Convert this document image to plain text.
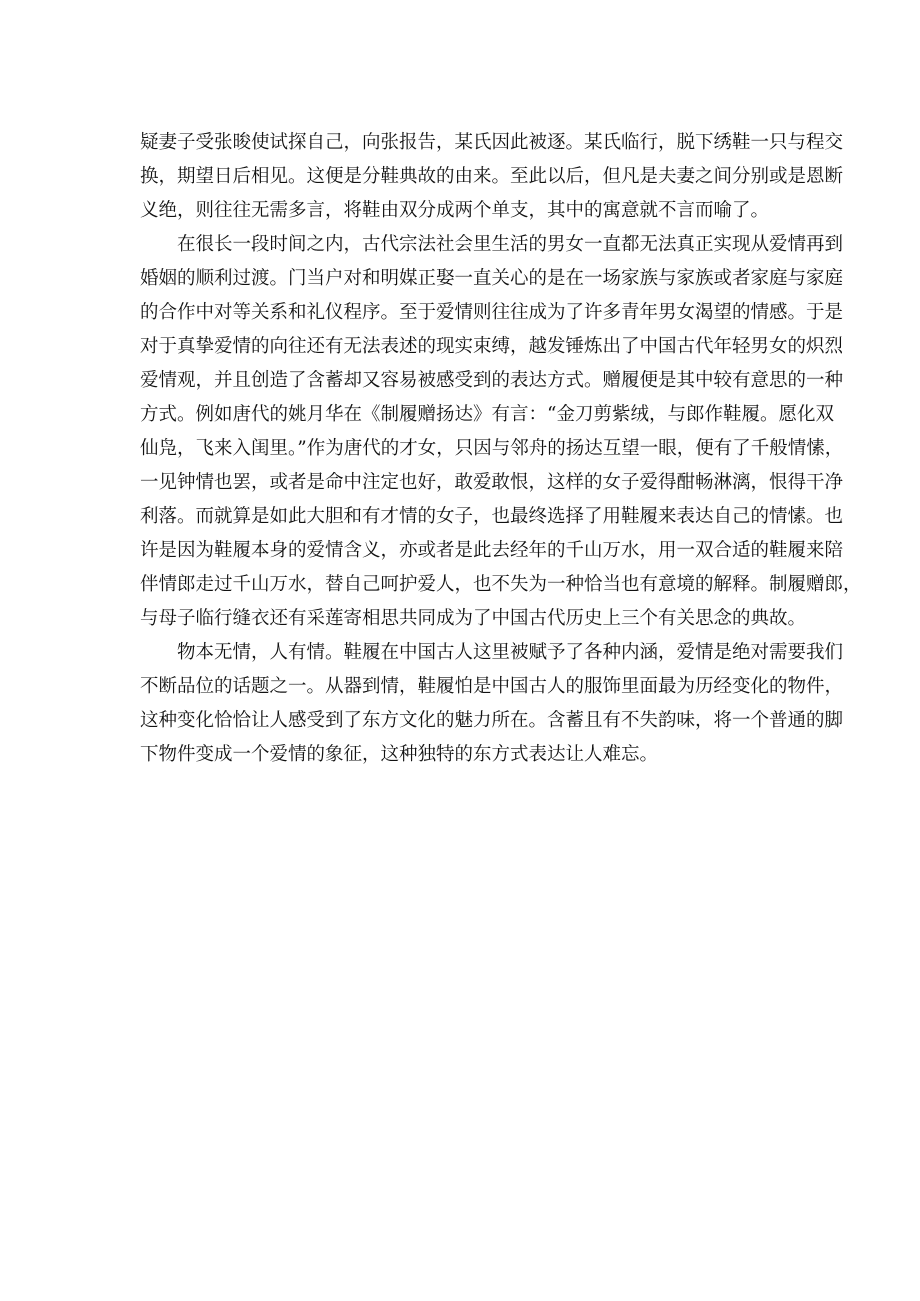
疑妻子受张晙使试探自己，向张报告，某氏因此被逐。某氏临行，脱下绣鞋一只与程交
换，期望日后相见。这便是分鞋典故的由来。至此以后，但凡是夫妻之间分别或是恩断
义绝，则往往无需多言，将鞋由双分成两个单支，其中的寓意就不言而喻了。
在很长一段时间之内，古代宗法社会里生活的男女一直都无法真正实现从爱情再到
婚姻的顺利过渡。门当户对和明媒正娶一直关心的是在一场家族与家族或者家庭与家庭
的合作中对等关系和礼仪程序。至于爱情则往往成为了许多青年男女渴望的情感。于是
对于真挚爱情的向往还有无法表述的现实束缚，越发锤炼出了中国古代年轻男女的炽烈
爱情观，并且创造了含蓄却又容易被感受到的表达方式。赠履便是其中较有意思的一种
方式。例如唐代的姚月华在《制履赠扬达》有言：“金刀剪紫绒，与郎作鞋履。愿化双
仙凫，飞来入闺里。”作为唐代的才女，只因与邻舟的扬达互望一眼，便有了千般情愫，
一见钟情也罢，或者是命中注定也好，敢爱敢恨，这样的女子爱得酣畅淋漓，恨得干净
利落。而就算是如此大胆和有才情的女子，也最终选择了用鞋履来表达自己的情愫。也
许是因为鞋履本身的爱情含义，亦或者是此去经年的千山万水，用一双合适的鞋履来陪
伴情郎走过千山万水，替自己呵护爱人，也不失为一种恰当也有意境的解释。制履赠郎，
与母子临行缝衣还有采莲寄相思共同成为了中国古代历史上三个有关思念的典故。
物本无情，人有情。鞋履在中国古人这里被赋予了各种内涵，爱情是绝对需要我们
不断品位的话题之一。从器到情，鞋履怕是中国古人的服饰里面最为历经变化的物件，
这种变化恰恰让人感受到了东方文化的魅力所在。含蓄且有不失韵味，将一个普通的脚
下物件变成一个爱情的象征，这种独特的东方式表达让人难忘。
